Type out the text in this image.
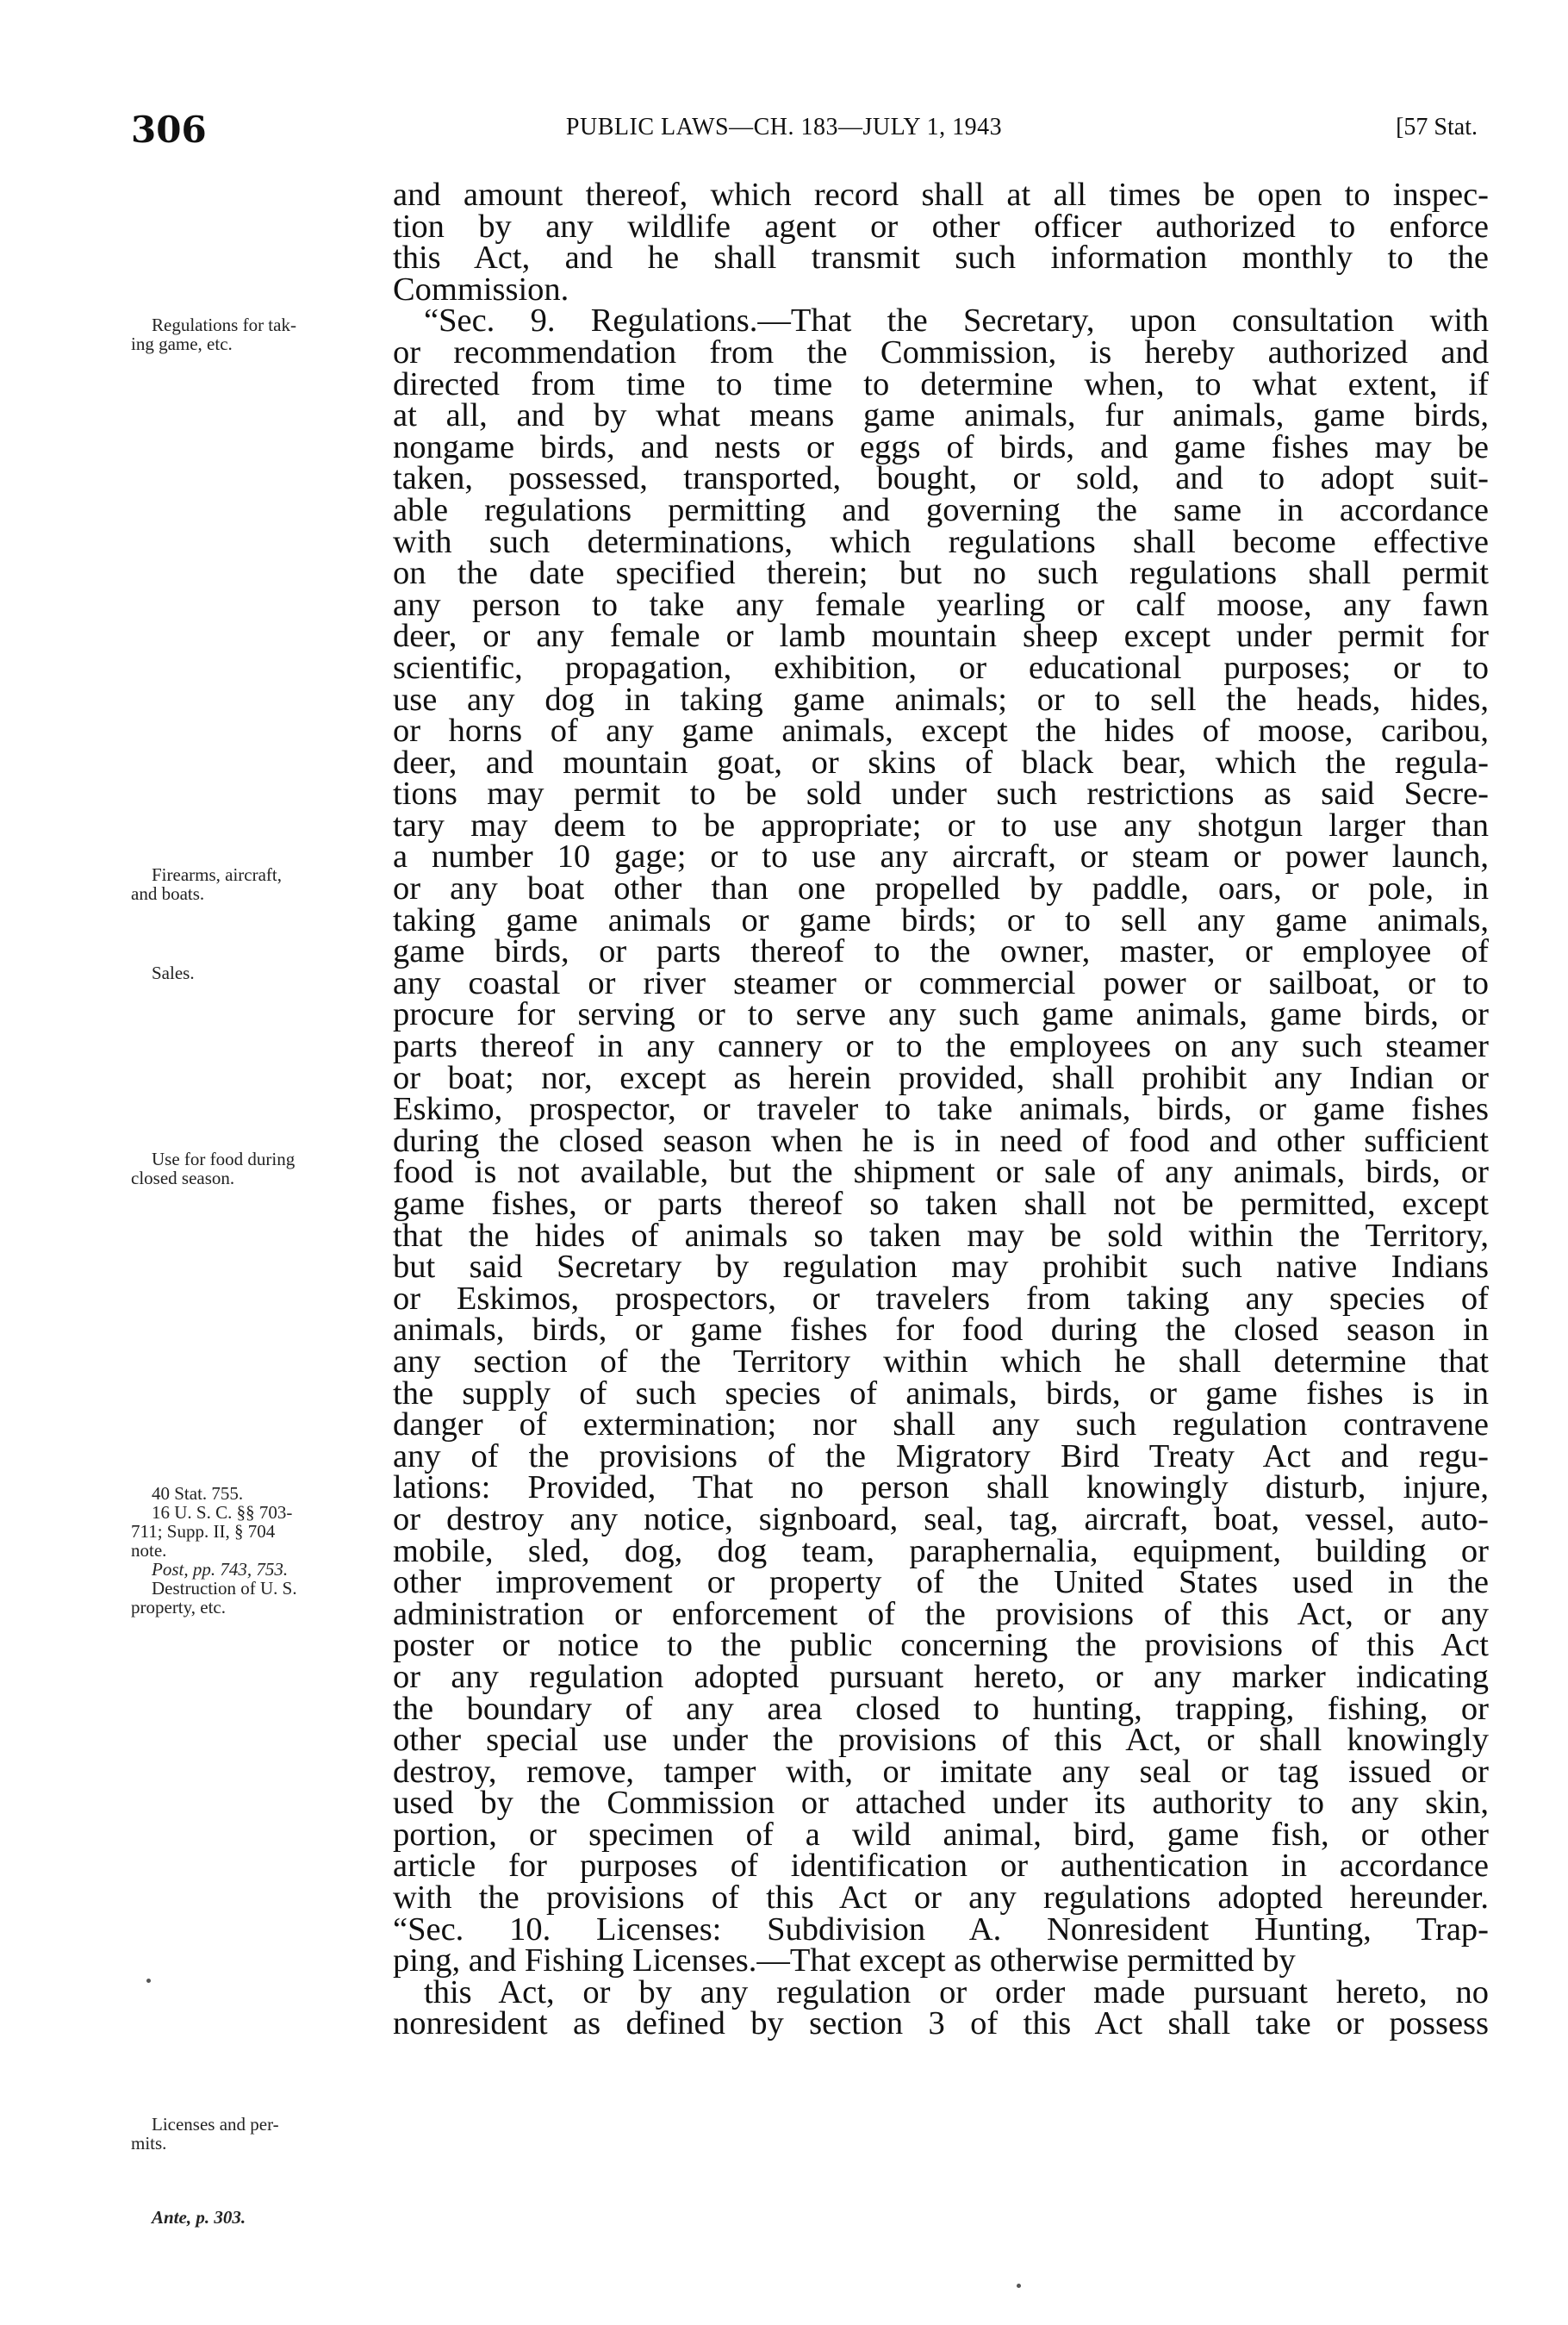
306	PUBLIC LAWS—CH. 183—JULY 1, 1943	[57 Stat.
Regulations for tak-
ing game, etc.
Firearms, aircraft,
and boats.
Sales.
Use for food during
closed season.
40 Stat. 755.
16 U. S. C. §§ 703-
711; Supp. II, § 704
note.
Post, pp. 743, 753.
Destruction of U. S.
property, etc.
Licenses and per-
mits.
Ante, p. 303.
and amount thereof, which record shall at all times be open to inspec-
tion by any wildlife agent or other officer authorized to enforce
this Act, and he shall transmit such information monthly to the
Commission.
“Sec. 9. Regulations.—That the Secretary, upon consultation with
or recommendation from the Commission, is hereby authorized and
directed from time to time to determine when, to what extent, if
at all, and by what means game animals, fur animals, game birds,
nongame birds, and nests or eggs of birds, and game fishes may be
taken, possessed, transported, bought, or sold, and to adopt suit-
able regulations permitting and governing the same in accordance
with such determinations, which regulations shall become effective
on the date specified therein; but no such regulations shall permit
any person to take any female yearling or calf moose, any fawn
deer, or any female or lamb mountain sheep except under permit for
scientific, propagation, exhibition, or educational purposes; or to
use any dog in taking game animals; or to sell the heads, hides,
or horns of any game animals, except the hides of moose, caribou,
deer, and mountain goat, or skins of black bear, which the regula-
tions may permit to be sold under such restrictions as said Secre-
tary may deem to be appropriate; or to use any shotgun larger than
a number 10 gage; or to use any aircraft, or steam or power launch,
or any boat other than one propelled by paddle, oars, or pole, in
taking game animals or game birds; or to sell any game animals,
game birds, or parts thereof to the owner, master, or employee of
any coastal or river steamer or commercial power or sailboat, or to
procure for serving or to serve any such game animals, game birds, or
parts thereof in any cannery or to the employees on any such steamer
or boat; nor, except as herein provided, shall prohibit any Indian or
Eskimo, prospector, or traveler to take animals, birds, or game fishes
during the closed season when he is in need of food and other sufficient
food is not available, but the shipment or sale of any animals, birds, or
game fishes, or parts thereof so taken shall not be permitted, except
that the hides of animals so taken may be sold within the Territory,
but said Secretary by regulation may prohibit such native Indians
or Eskimos, prospectors, or travelers from taking any species of
animals, birds, or game fishes for food during the closed season in
any section of the Territory within which he shall determine that
the supply of such species of animals, birds, or game fishes is in
danger of extermination; nor shall any such regulation contravene
any of the provisions of the Migratory Bird Treaty Act and regu-
lations: Provided, That no person shall knowingly disturb, injure,
or destroy any notice, signboard, seal, tag, aircraft, boat, vessel, auto-
mobile, sled, dog, dog team, paraphernalia, equipment, building or
other improvement or property of the United States used in the
administration or enforcement of the provisions of this Act, or any
poster or notice to the public concerning the provisions of this Act
or any regulation adopted pursuant hereto, or any marker indicating
the boundary of any area closed to hunting, trapping, fishing, or
other special use under the provisions of this Act, or shall knowingly
destroy, remove, tamper with, or imitate any seal or tag issued or
used by the Commission or attached under its authority to any skin,
portion, or specimen of a wild animal, bird, game fish, or other
article for purposes of identification or authentication in accordance
with the provisions of this Act or any regulations adopted hereunder.
“Sec. 10. Licenses: Subdivision A. Nonresident Hunting, Trap-
ping, and Fishing Licenses.—That except as otherwise permitted by
this Act, or by any regulation or order made pursuant hereto, no
nonresident as defined by section 3 of this Act shall take or possess
